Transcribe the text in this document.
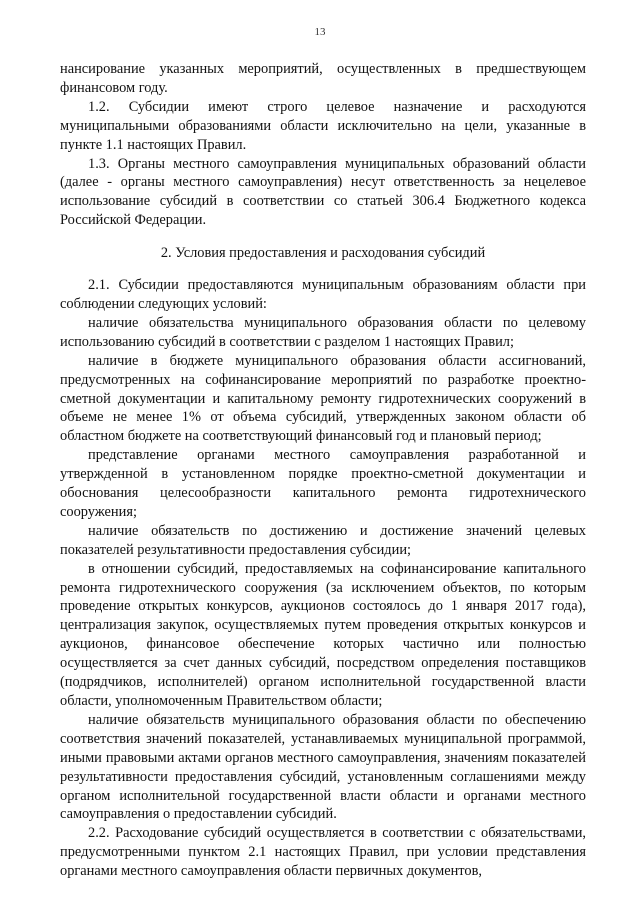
13

нансирование указанных мероприятий, осуществленных в предшествующем финансовом году.

1.2. Субсидии имеют строго целевое назначение и расходуются муниципальными образованиями области исключительно на цели, указанные в пункте 1.1 настоящих Правил.

1.3. Органы местного самоуправления муниципальных образований области (далее - органы местного самоуправления) несут ответственность за нецелевое использование субсидий в соответствии со статьей 306.4 Бюджетного кодекса Российской Федерации.

2. Условия предоставления и расходования субсидий

2.1. Субсидии предоставляются муниципальным образованиям области при соблюдении следующих условий:

наличие обязательства муниципального образования области по целевому использованию субсидий в соответствии с разделом 1 настоящих Правил;

наличие в бюджете муниципального образования области ассигнований, предусмотренных на софинансирование мероприятий по разработке проектно-сметной документации и капитальному ремонту гидротехнических сооружений в объеме не менее 1% от объема субсидий, утвержденных законом области об областном бюджете на соответствующий финансовый год и плановый период;

представление органами местного самоуправления разработанной и утвержденной в установленном порядке проектно-сметной документации и обоснования целесообразности капитального ремонта гидротехнического сооружения;

наличие обязательств по достижению и достижение значений целевых показателей результативности предоставления субсидии;

в отношении субсидий, предоставляемых на софинансирование капитального ремонта гидротехнического сооружения (за исключением объектов, по которым проведение открытых конкурсов, аукционов состоялось до 1 января 2017 года), централизация закупок, осуществляемых путем проведения открытых конкурсов и аукционов, финансовое обеспечение которых частично или полностью осуществляется за счет данных субсидий, посредством определения поставщиков (подрядчиков, исполнителей) органом исполнительной государственной власти области, уполномоченным Правительством области;

наличие обязательств муниципального образования области по обеспечению соответствия значений показателей, устанавливаемых муниципальной программой, иными правовыми актами органов местного самоуправления, значениям показателей результативности предоставления субсидий, установленным соглашениями между органом исполнительной государственной власти области и органами местного самоуправления о предоставлении субсидий.

2.2. Расходование субсидий осуществляется в соответствии с обязательствами, предусмотренными пунктом 2.1 настоящих Правил, при условии представления органами местного самоуправления области первичных документов,
